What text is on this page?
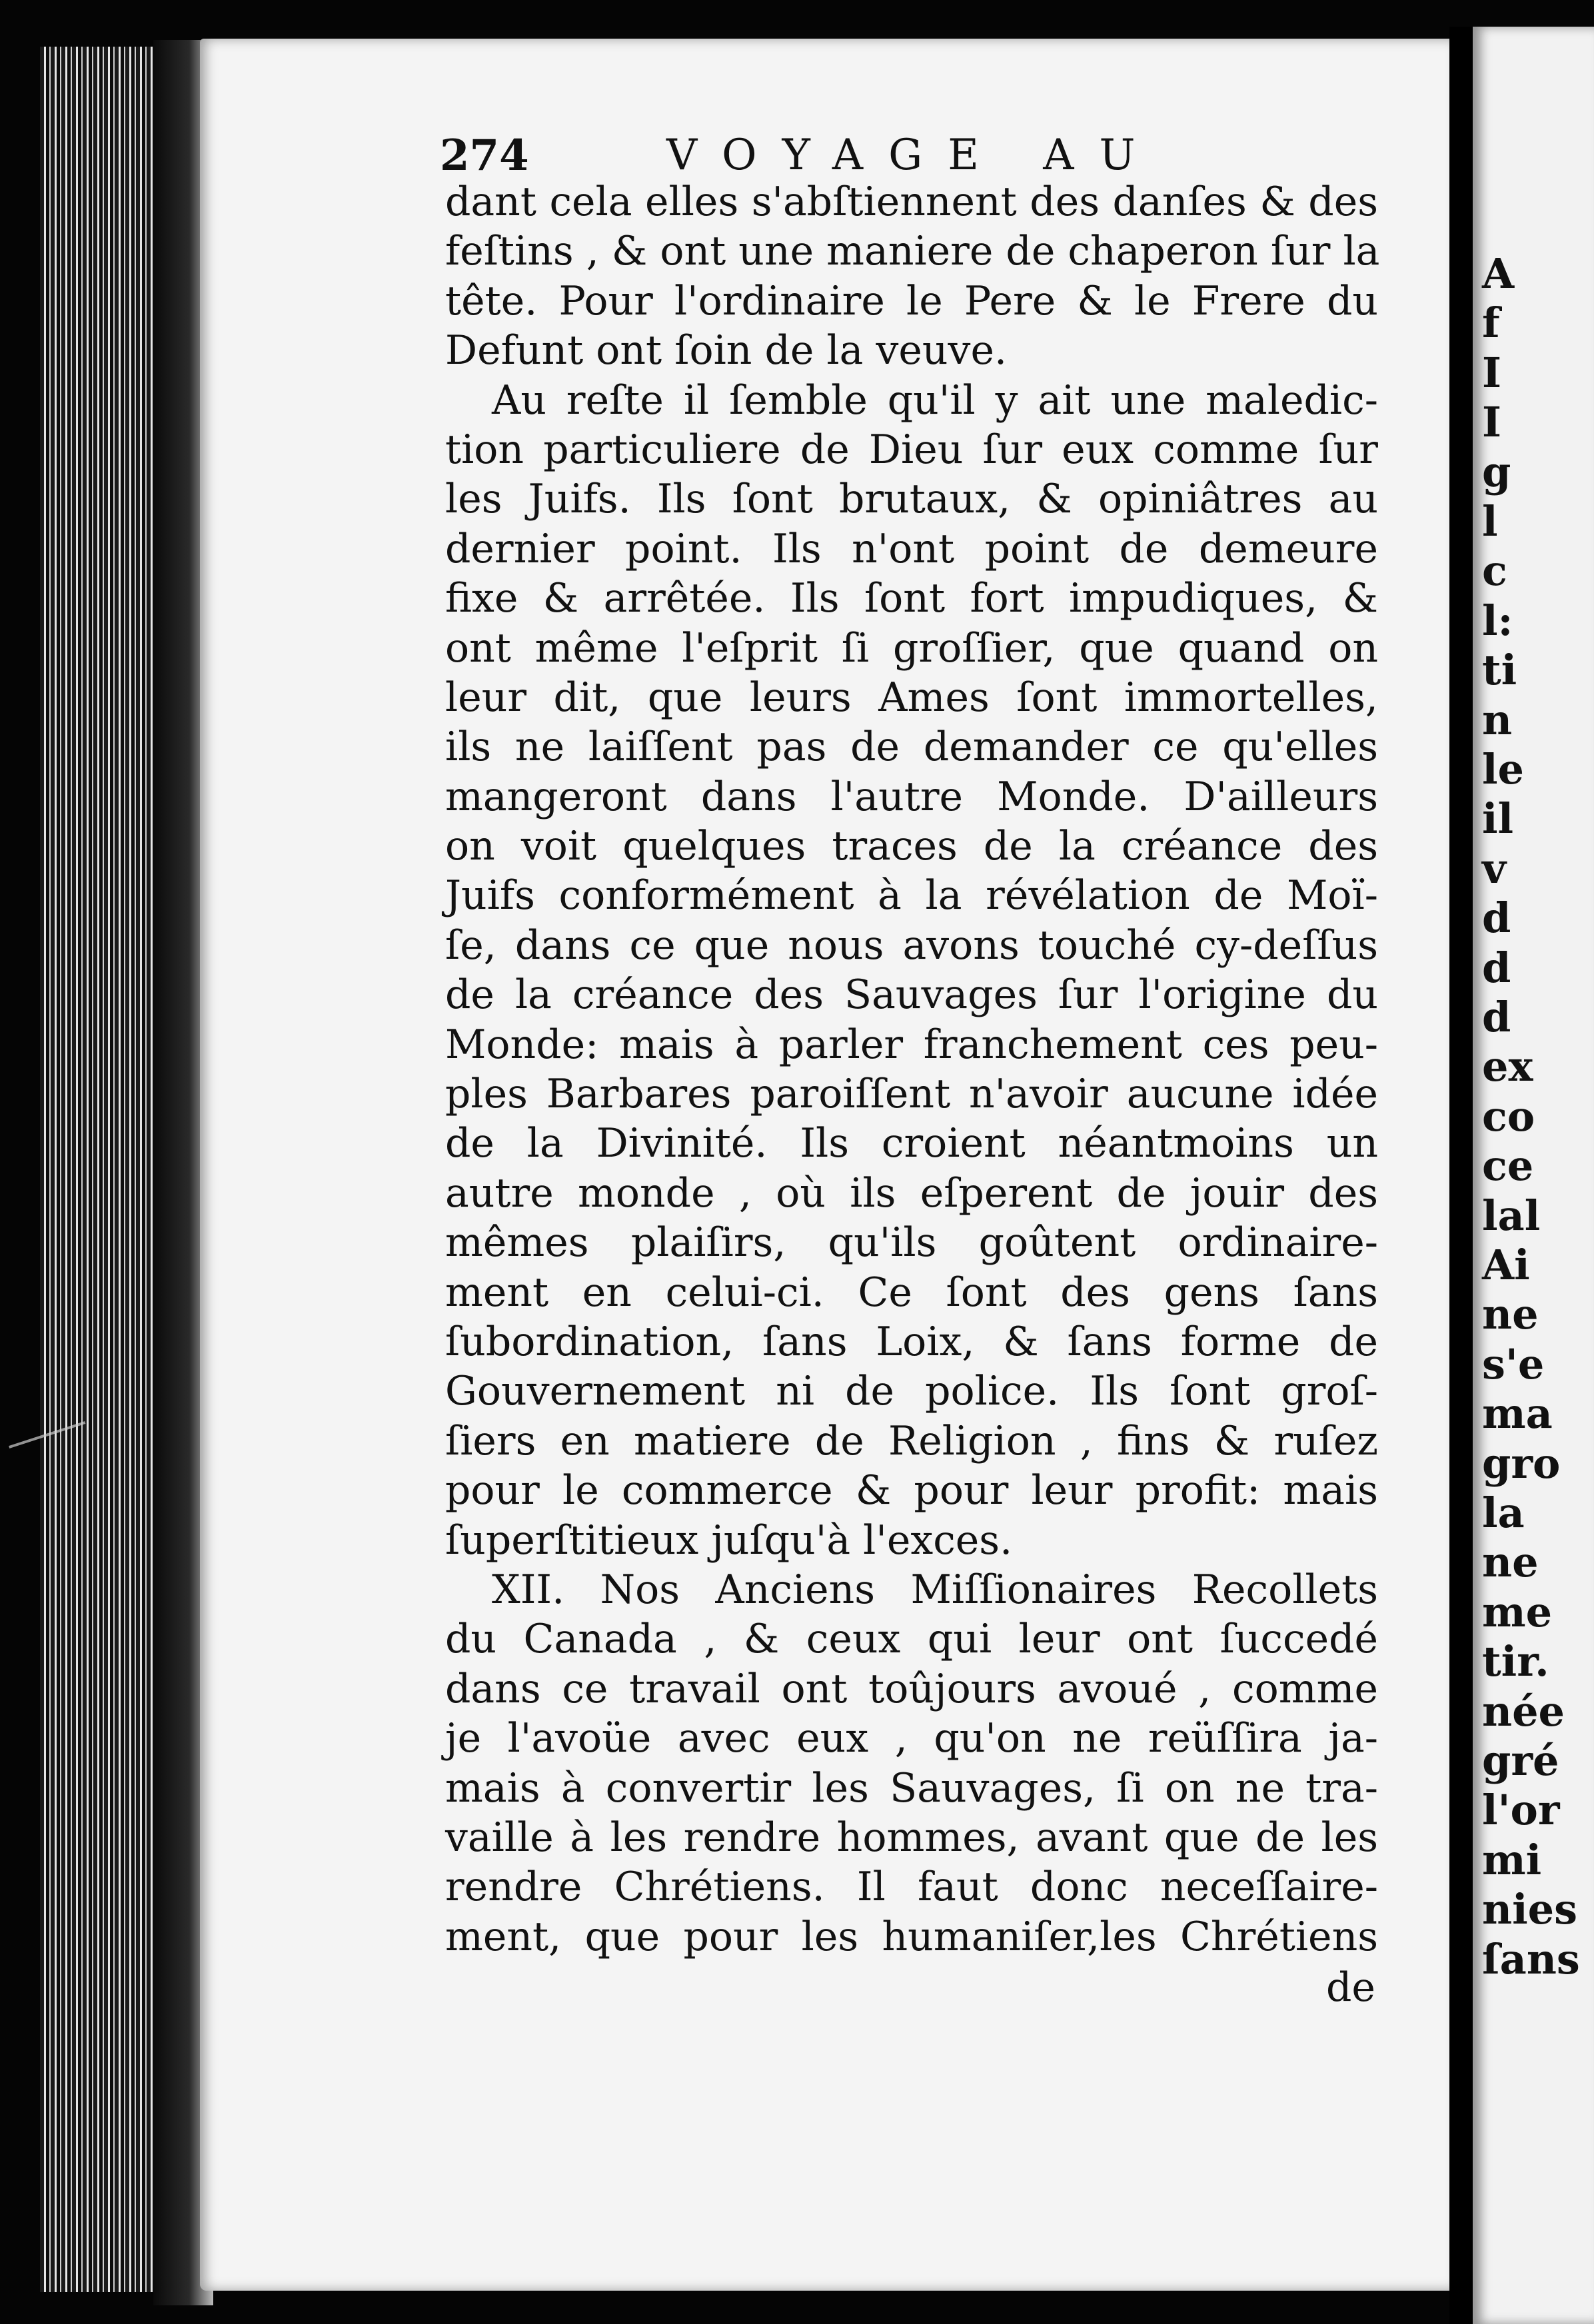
274	VOYAGE AU
dant cela elles s'abſtiennent des danſes & des
feſtins , & ont une maniere de chaperon ſur la
tête. Pour l'ordinaire le Pere & le Frere du
Defunt ont ſoin de la veuve.
Au reſte il ſemble qu'il y ait une maledic-
tion particuliere de Dieu ſur eux comme ſur
les Juifs. Ils ſont brutaux, & opiniâtres au
dernier point. Ils n'ont point de demeure
fixe & arrêtée. Ils ſont fort impudiques, &
ont même l'eſprit ſi groſſier, que quand on
leur dit, que leurs Ames ſont immortelles,
ils ne laiſſent pas de demander ce qu'elles
mangeront dans l'autre Monde. D'ailleurs
on voit quelques traces de la créance des
Juifs conformément à la révélation de Moï-
ſe, dans ce que nous avons touché cy-deſſus
de la créance des Sauvages ſur l'origine du
Monde: mais à parler franchement ces peu-
ples Barbares paroiſſent n'avoir aucune idée
de la Divinité. Ils croient néantmoins un
autre monde , où ils eſperent de jouir des
mêmes plaiſirs, qu'ils goûtent ordinaire-
ment en celui-ci. Ce ſont des gens ſans
ſubordination, ſans Loix, & ſans forme de
Gouvernement ni de police. Ils ſont groſ-
ſiers en matiere de Religion , fins & ruſez
pour le commerce & pour leur profit: mais
ſuperſtitieux juſqu'à l'exces.
XII. Nos Anciens Miſſionaires Recollets
du Canada , & ceux qui leur ont ſuccedé
dans ce travail ont toûjours avoué , comme
je l'avoüe avec eux , qu'on ne reüſſira ja-
mais à convertir les Sauvages, ſi on ne tra-
vaille à les rendre hommes, avant que de les
rendre Chrétiens. Il faut donc neceſſaire-
ment, que pour les humaniſer,les Chrétiens
de
A
f
I
I
g
l
c
l:
ti
n
le
il
v
d
d
d
ex
co
ce
lal
Ai
ne
s'e
ma
gro
la
ne
me
tir.
née
gré
l'or
mi
nies
ſans
